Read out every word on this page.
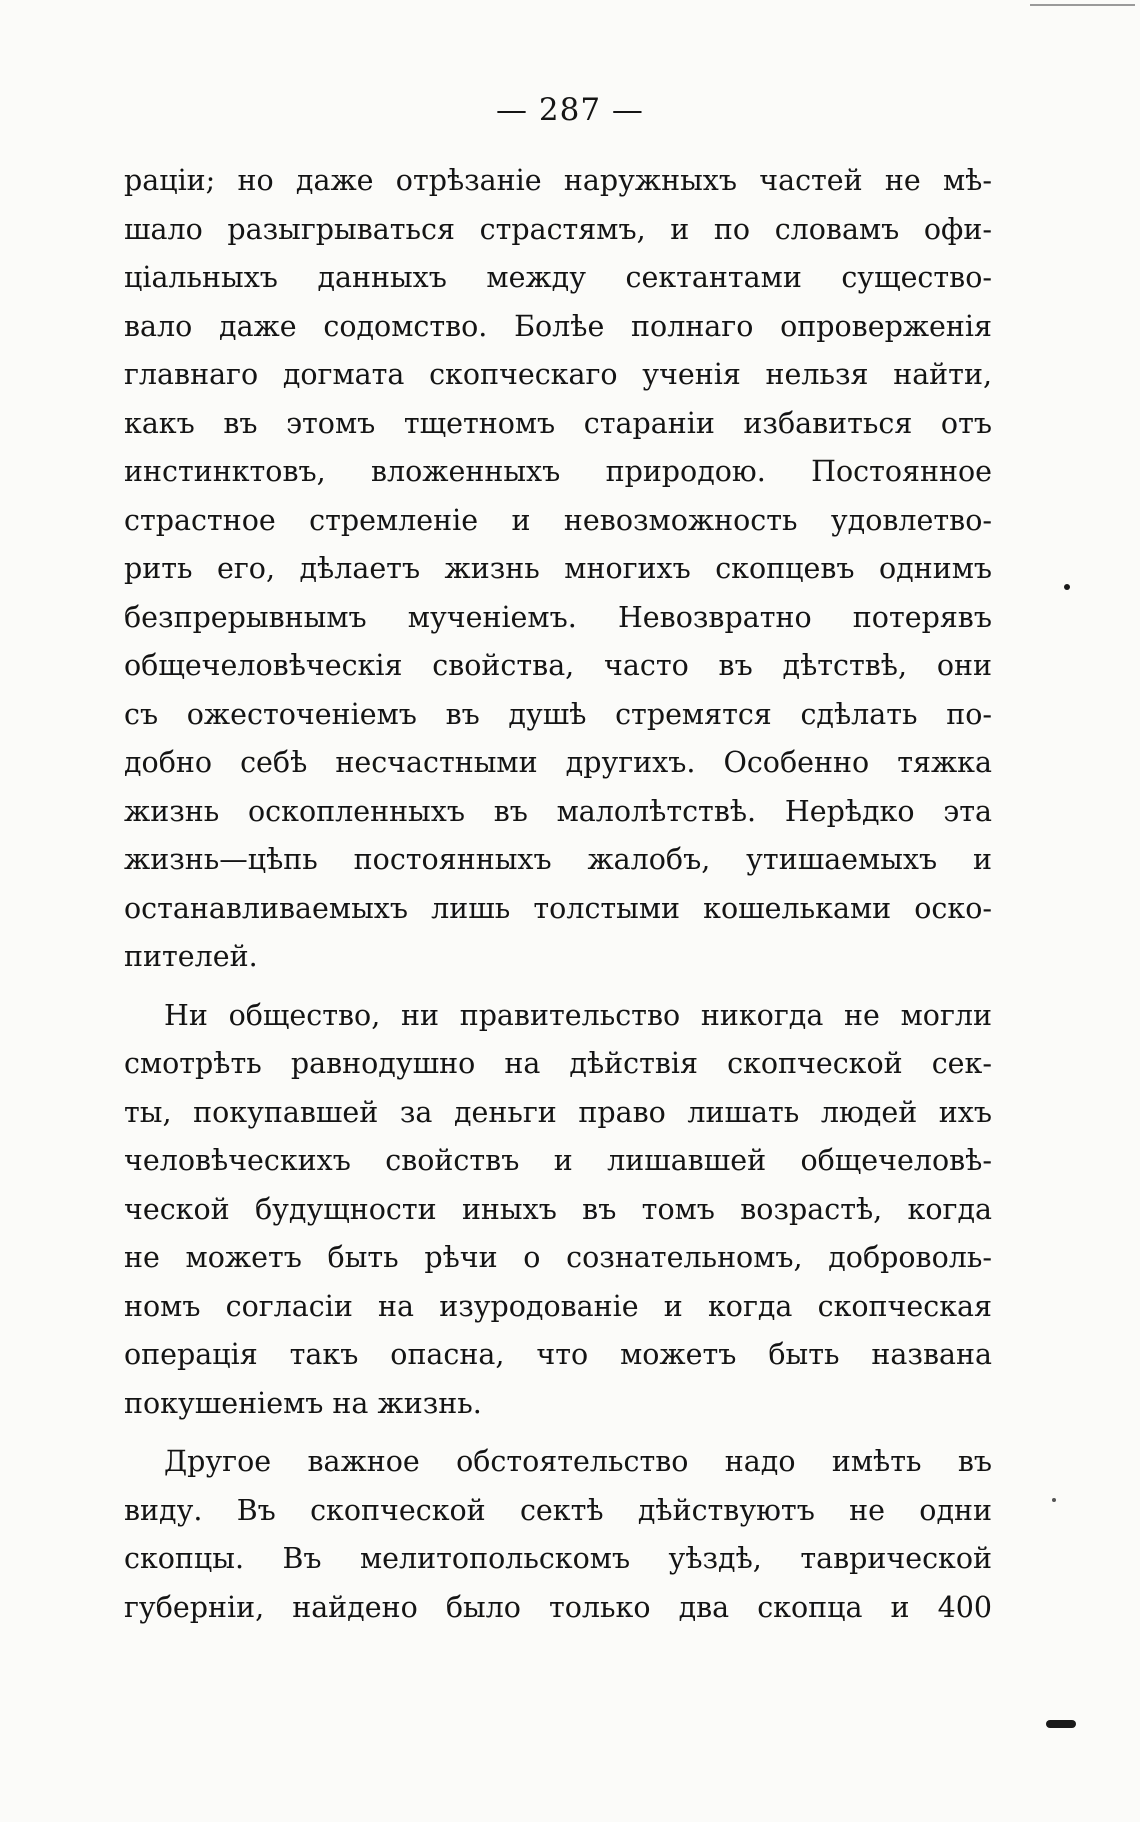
— 287 —
раціи; но даже отрѣзаніе наружныхъ частей не мѣ-
шало разыгрываться страстямъ, и по словамъ офи-
ціальныхъ данныхъ между сектантами существо-
вало даже содомство. Болѣе полнаго опроверженія
главнаго догмата скопческаго ученія нельзя найти,
какъ въ этомъ тщетномъ стараніи избавиться отъ
инстинктовъ, вложенныхъ природою. Постоянное
страстное стремленіе и невозможность удовлетво-
рить его, дѣлаетъ жизнь многихъ скопцевъ однимъ
безпрерывнымъ мученіемъ. Невозвратно потерявъ
общечеловѣческія свойства, часто въ дѣтствѣ, они
съ ожесточеніемъ въ душѣ стремятся сдѣлать по-
добно себѣ несчастными другихъ. Особенно тяжка
жизнь оскопленныхъ въ малолѣтствѣ. Нерѣдко эта
жизнь—цѣпь постоянныхъ жалобъ, утишаемыхъ и
останавливаемыхъ лишь толстыми кошельками оско-
пителей.
Ни общество, ни правительство никогда не могли
смотрѣть равнодушно на дѣйствія скопческой сек-
ты, покупавшей за деньги право лишать людей ихъ
человѣческихъ свойствъ и лишавшей общечеловѣ-
ческой будущности иныхъ въ томъ возрастѣ, когда
не можетъ быть рѣчи о сознательномъ, доброволь-
номъ согласіи на изуродованіе и когда скопческая
операція такъ опасна, что можетъ быть названа
покушеніемъ на жизнь.
Другое важное обстоятельство надо имѣть въ
виду. Въ скопческой сектѣ дѣйствуютъ не одни
скопцы. Въ мелитопольскомъ уѣздѣ, таврической
губерніи, найдено было только два скопца и 400
